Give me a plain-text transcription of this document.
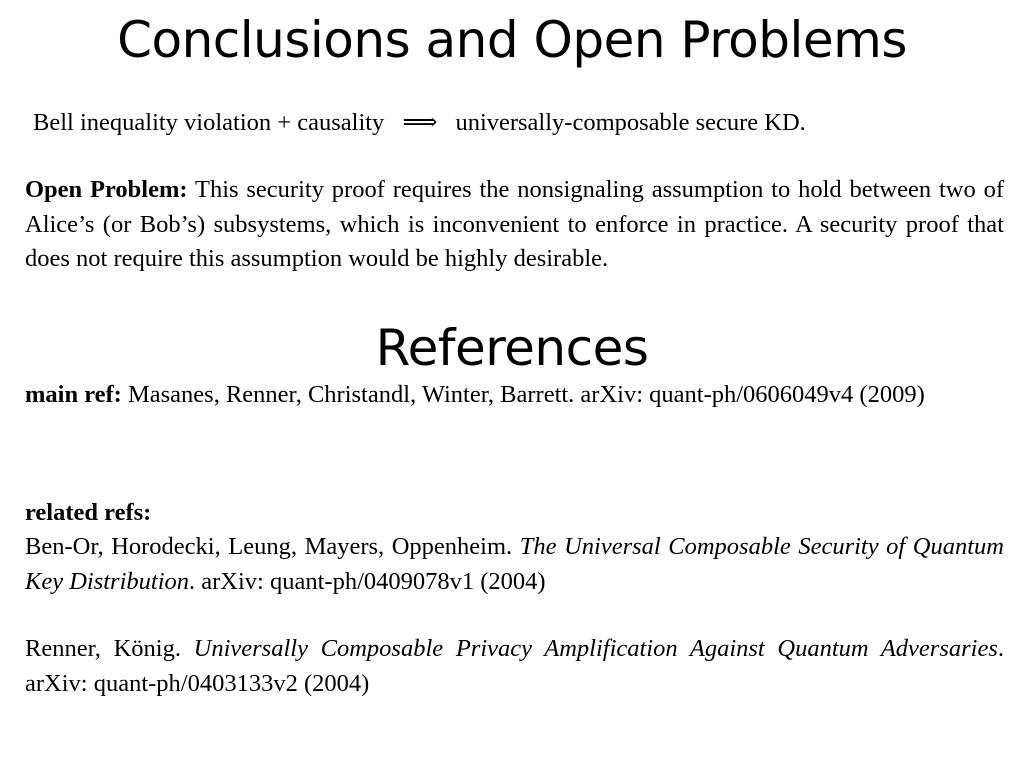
Conclusions and Open Problems
Bell inequality violation + causality ⟹ universally-composable secure KD.
Open Problem: This security proof requires the nonsignaling assumption to hold between two of Alice’s (or Bob’s) subsystems, which is inconvenient to enforce in practice. A security proof that does not require this assumption would be highly desirable.
References
main ref: Masanes, Renner, Christandl, Winter, Barrett. arXiv: quant-ph/0606049v4 (2009)
related refs:
Ben-Or, Horodecki, Leung, Mayers, Oppenheim. The Universal Composable Security of Quantum Key Distribution. arXiv: quant-ph/0409078v1 (2004)
Renner, König. Universally Composable Privacy Amplification Against Quantum Adversaries. arXiv: quant-ph/0403133v2 (2004)
